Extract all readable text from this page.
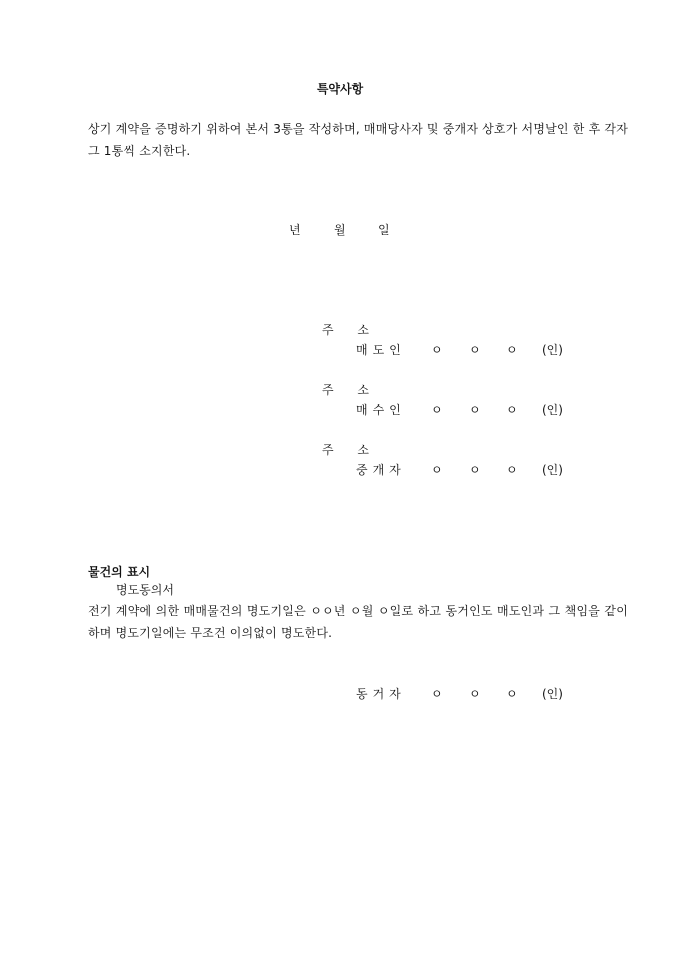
특약사항
상기 계약을 증명하기 위하여 본서 3통을 작성하며, 매매당사자 및 중개자 상호가 서명날인 한 후 각자 그 1통씩 소지한다.
년	월	일
주 소
매도인 ㅇ ㅇ ㅇ (인)
주 소
매수인 ㅇ ㅇ ㅇ (인)
주 소
중개자 ㅇ ㅇ ㅇ (인)
물건의 표시
명도동의서
전기 계약에 의한 매매물건의 명도기일은 ㅇㅇ년 ㅇ월 ㅇ일로 하고 동거인도 매도인과 그 책임을 같이 하며 명도기일에는 무조건 이의없이 명도한다.
동거자 ㅇ ㅇ ㅇ (인)
